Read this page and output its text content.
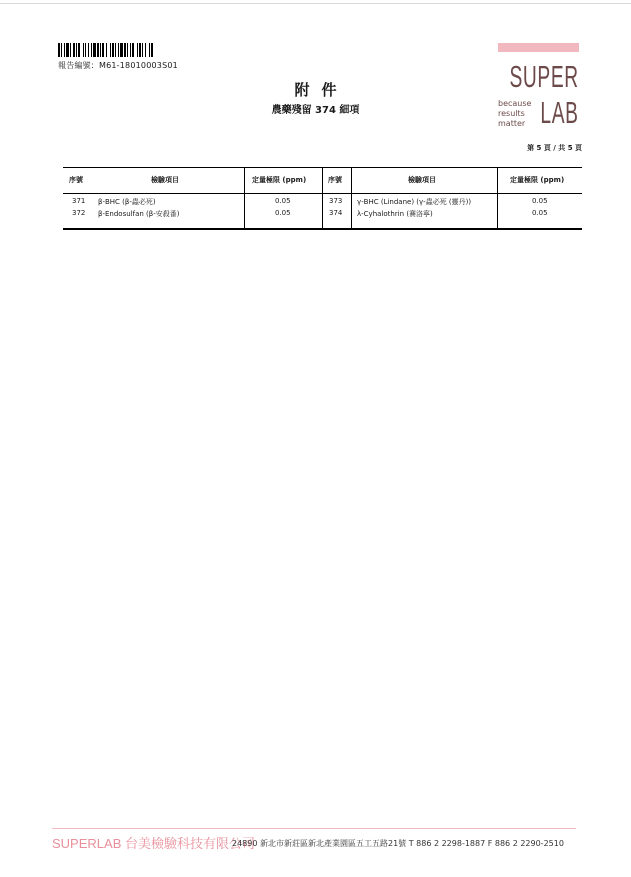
報告編號：M61-18010003S01	SUPER
because
results
matter LAB
附件
農藥殘留 374 細項
第 5 頁 / 共 5 頁
序號	檢驗項目	定量極限 (ppm)	序號	檢驗項目	定量極限 (ppm)
371 β-BHC (β-蟲必死)	0.05	373 γ-BHC (Lindane) (γ-蟲必死 (靈丹))	0.05
372 β-Endosulfan (β-安殺番)	0.05	374 λ-Cyhalothrin (賽洛寧)	0.05
SUPERLAB 台美檢驗科技有限公司
24890 新北市新莊區新北產業園區五工五路21號 T 886 2 2298-1887 F 886 2 2290-2510
